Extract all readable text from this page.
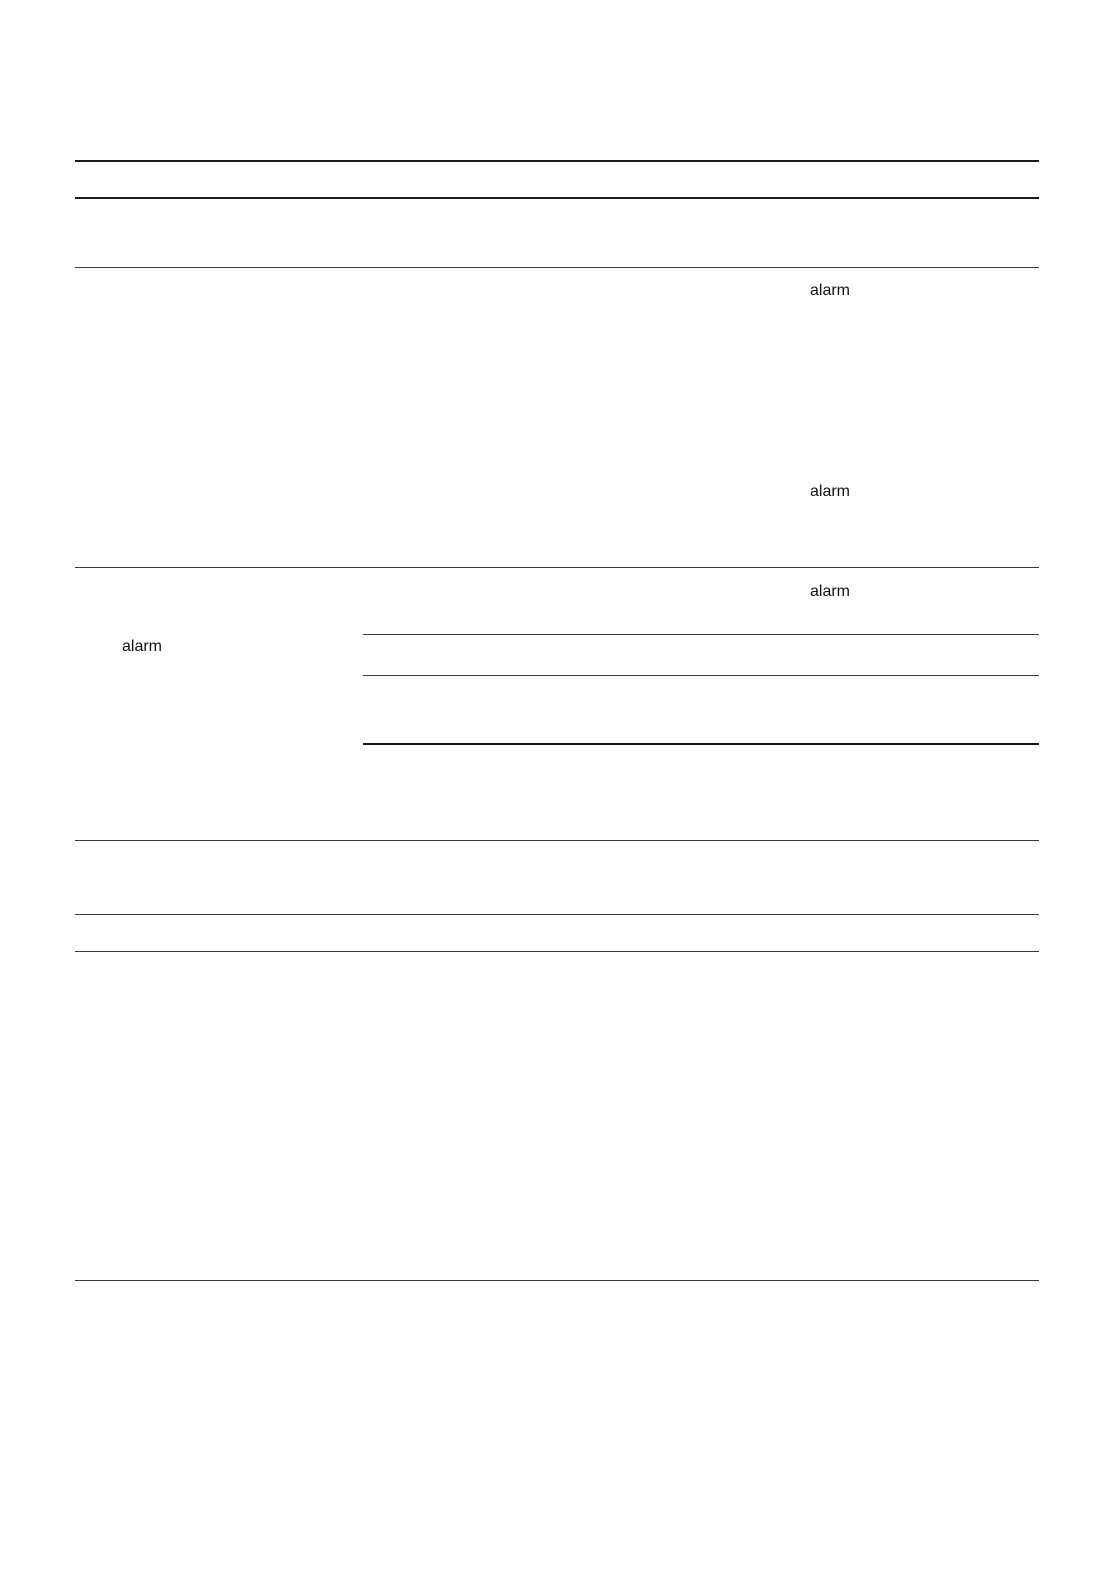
alarm
alarm
alarm
alarm
